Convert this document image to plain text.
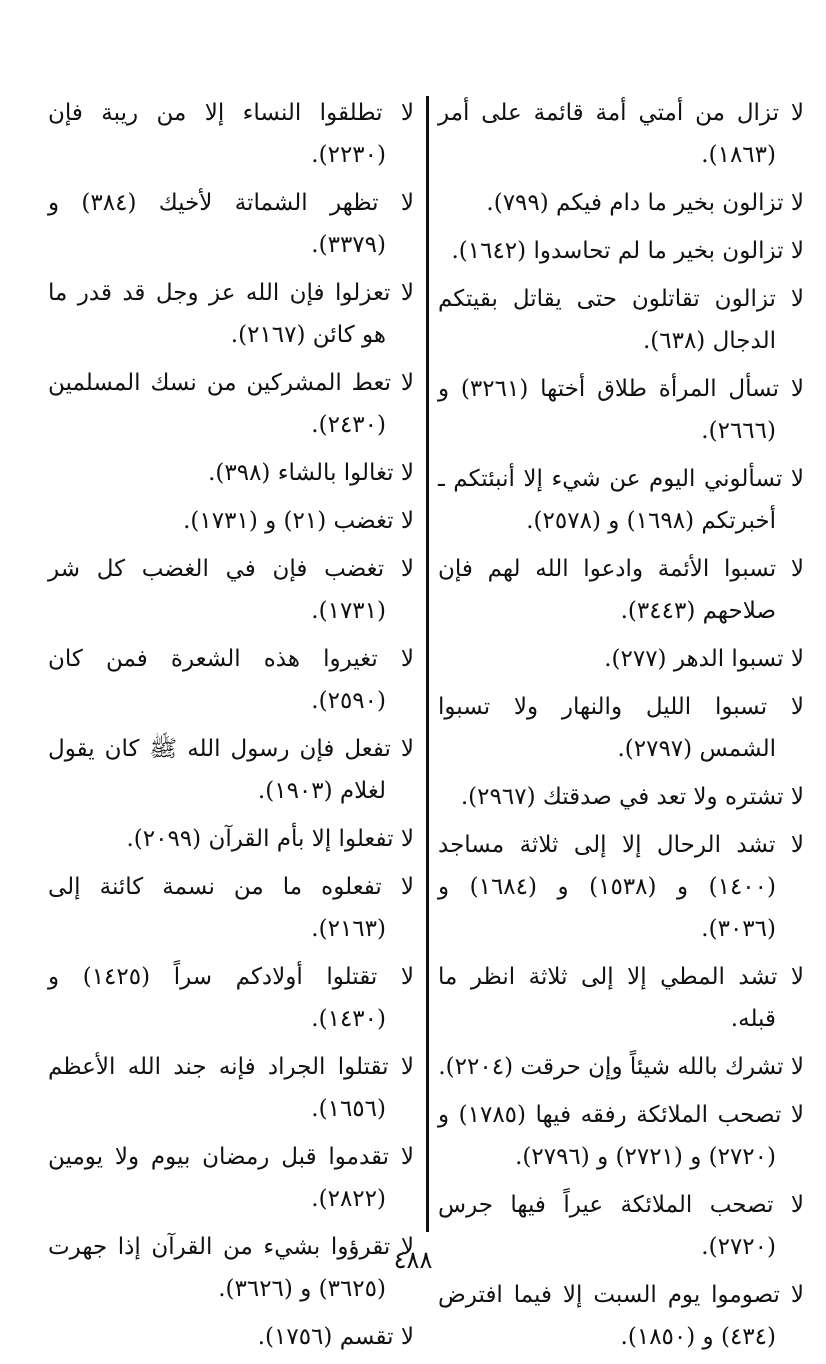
لا تزال من أمتي أمة قائمة على أمر (١٨٦٣).

لا تزالون بخير ما دام فيكم (٧٩٩).

لا تزالون بخير ما لم تحاسدوا (١٦٤٢).

لا تزالون تقاتلون حتى يقاتل بقيتكم الدجال (٦٣٨).

لا تسأل المرأة طلاق أختها (٣٢٦١) و (٢٦٦٦).

لا تسألوني اليوم عن شيء إلا أنبئتكم ـ أخبرتكم (١٦٩٨) و (٢٥٧٨).

لا تسبوا الأئمة وادعوا الله لهم فإن صلاحهم (٣٤٤٣).

لا تسبوا الدهر (٢٧٧).

لا تسبوا الليل والنهار ولا تسبوا الشمس (٢٧٩٧).

لا تشتره ولا تعد في صدقتك (٢٩٦٧).

لا تشد الرحال إلا إلى ثلاثة مساجد (١٤٠٠) و (١٥٣٨) و (١٦٨٤) و (٣٠٣٦).

لا تشد المطي إلا إلى ثلاثة انظر ما قبله.

لا تشرك بالله شيئاً وإن حرقت (٢٢٠٤).

لا تصحب الملائكة رفقه فيها (١٧٨٥) و (٢٧٢٠) و (٢٧٢١) و (٢٧٩٦).

لا تصحب الملائكة عيراً فيها جرس (٢٧٢٠).

لا تصوموا يوم السبت إلا فيما افترض (٤٣٤) و (١٨٥٠).

لا تطلقوا النساء إلا من ريبة فإن (٢٢٣٠).

لا تظهر الشماتة لأخيك (٣٨٤) و (٣٣٧٩).

لا تعزلوا فإن الله عز وجل قد قدر ما هو كائن (٢١٦٧).

لا تعط المشركين من نسك المسلمين (٢٤٣٠).

لا تغالوا بالشاء (٣٩٨).

لا تغضب (٢١) و (١٧٣١).

لا تغضب فإن في الغضب كل شر (١٧٣١).

لا تغيروا هذه الشعرة فمن كان (٢٥٩٠).

لا تفعل فإن رسول الله ﷺ كان يقول لغلام (١٩٠٣).

لا تفعلوا إلا بأم القرآن (٢٠٩٩).

لا تفعلوه ما من نسمة كائنة إلى (٢١٦٣).

لا تقتلوا أولادكم سراً (١٤٢٥) و (١٤٣٠).

لا تقتلوا الجراد فإنه جند الله الأعظم (١٦٥٦).

لا تقدموا قبل رمضان بيوم ولا يومين (٢٨٢٢).

لا تقرؤوا بشيء من القرآن إذا جهرت (٣٦٢٥) و (٣٦٢٦).

لا تقسم (١٧٥٦).

٤٨٨
